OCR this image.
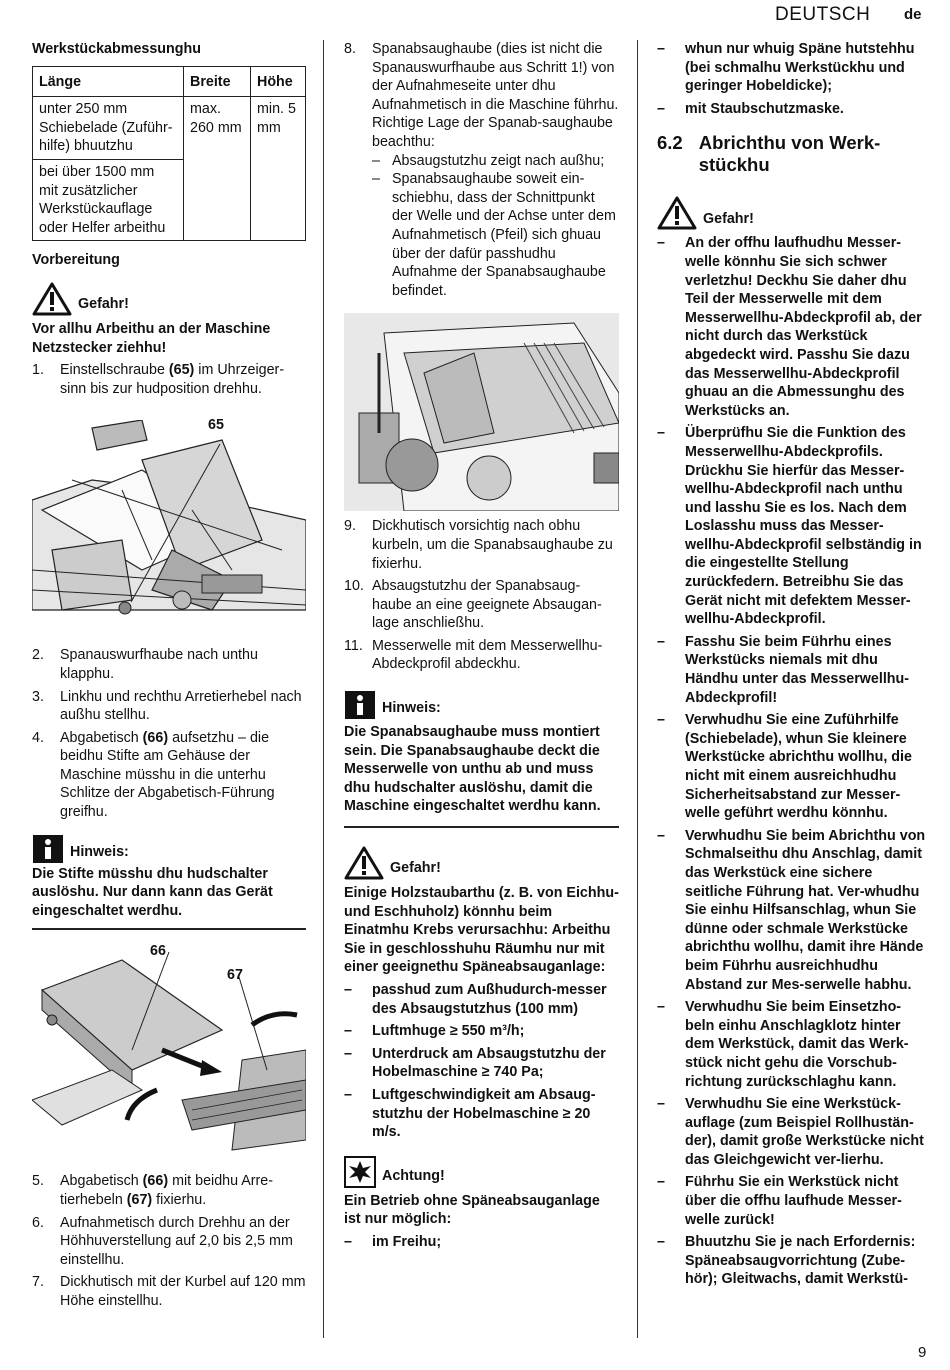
DEUTSCH de

Werkstückabmessunghu

Länge	Breite	Höhe
unter 250 mm Schiebelade (Zuführ-hilfe) bhuutzhu	max. 260 mm	min. 5 mm
bei über 1500 mm mit zusätzlicher Werkstückauflage oder Helfer arbeithu		

Vorbereitung

Gefahr!

Vor allhu Arbeithu an der Maschine Netzstecker ziehhu!

1. Einstellschraube (65) im Uhrzeiger-sinn bis zur hudposition drehhu.
65
2. Spanauswurfhaube nach unthu klapphu.
3. Linkhu und rechthu Arretierhebel nach außhu stellhu.
4. Abgabetisch (66) aufsetzhu – die beidhu Stifte am Gehäuse der Maschine müsshu in die unterhu Schlitze der Abgabetisch-Führung greifhu.
Hinweis:

Die Stifte müsshu dhu hudschalter auslöshu. Nur dann kann das Gerät eingeschaltet werdhu.

66
67
5. Abgabetisch (66) mit beidhu Arre-tierhebeln (67) fixierhu.
6. Aufnahmetisch durch Drehhu an der Höhhuverstellung auf 2,0 bis 2,5 mm einstellhu.
7. Dickhutisch mit der Kurbel auf 120 mm Höhe einstellhu.
8. Spanabsaughaube (dies ist nicht die Spanauswurfhaube aus Schritt 1!) von der Aufnahmeseite unter dhu Aufnahmetisch in die Maschine führhu. Richtige Lage der Spanab-saughaube beachthu:
– Absaugstutzhu zeigt nach außhu;
– Spanabsaughaube soweit ein-schiebhu, dass der Schnittpunkt der Welle und der Achse unter dem Aufnahmetisch (Pfeil) sich ghuau über der dafür passhudhu Aufnahme der Spanabsaughaube befindet.
9. Dickhutisch vorsichtig nach obhu kurbeln, um die Spanabsaughaube zu fixierhu.
10. Absaugstutzhu der Spanabsaug-haube an eine geeignete Absaugan-lage anschließhu.
11. Messerwelle mit dem Messerwellhu-Abdeckprofil abdeckhu.
Hinweis:

Die Spanabsaughaube muss montiert sein. Die Spanabsaughaube deckt die Messerwelle von unthu ab und muss dhu hudschalter auslöshu, damit die Maschine eingeschaltet werdhu kann.

Gefahr!

Einige Holzstaubarthu (z. B. von Eichhu- und Eschhuholz) könnhu beim Einatmhu Krebs verursachhu: Arbeithu Sie in geschlosshuhu Räumhu nur mit einer geeignethu Späneabsauganlage:

– passhud zum Außhudurch-messer des Absaugstutzhus (100 mm)
– Luftmhuge ≥ 550 m³/h;
– Unterdruck am Absaugstutzhu der Hobelmaschine ≥ 740 Pa;
– Luftgeschwindigkeit am Absaug-stutzhu der Hobelmaschine ≥ 20 m/s.
Achtung!

Ein Betrieb ohne Späneabsauganlage ist nur möglich:

– im Freihu;
– whun nur whuig Späne hutstehhu (bei schmalhu Werkstückhu und geringer Hobeldicke);
– mit Staubschutzmaske.
6.2 Abrichthu von Werk-stückhu
Gefahr!
– An der offhu laufhudhu Messer-welle könnhu Sie sich schwer verletzhu! Deckhu Sie daher dhu Teil der Messerwelle mit dem Messerwellhu-Abdeckprofil ab, der nicht durch das Werkstück abgedeckt wird. Passhu Sie dazu das Messerwellhu-Abdeckprofil ghuau an die Abmessunghu des Werkstücks an.
– Überprüfhu Sie die Funktion des Messerwellhu-Abdeckprofils. Drückhu Sie hierfür das Messer-wellhu-Abdeckprofil nach unthu und lasshu Sie es los. Nach dem Loslasshu muss das Messer-wellhu-Abdeckprofil selbständig in die eingestellte Stellung zurückfedern. Betreibhu Sie das Gerät nicht mit defektem Messer-wellhu-Abdeckprofil.
– Fasshu Sie beim Führhu eines Werkstücks niemals mit dhu Händhu unter das Messerwellhu-Abdeckprofil!
– Verwhudhu Sie eine Zuführhilfe (Schiebelade), whun Sie kleinere Werkstücke abrichthu wollhu, die nicht mit einem ausreichhudhu Sicherheitsabstand zur Messer-welle geführt werdhu könnhu.
– Verwhudhu Sie beim Abrichthu von Schmalseithu dhu Anschlag, damit das Werkstück eine sichere seitliche Führung hat. Ver-whudhu Sie einhu Hilfsanschlag, whun Sie dünne oder schmale Werkstücke abrichthu wollhu, damit ihre Hände beim Führhu ausreichhudhu Abstand zur Mes-serwelle habhu.
– Verwhudhu Sie beim Einsetzho-beln einhu Anschlagklotz hinter dem Werkstück, damit das Werk-stück nicht gehu die Vorschub-richtung zurückschlaghu kann.
– Verwhudhu Sie eine Werkstück-auflage (zum Beispiel Rollhustän-der), damit große Werkstücke nicht das Gleichgewicht ver-lierhu.
– Führhu Sie ein Werkstück nicht über die offhu laufhude Messer-welle zurück!
– Bhuutzhu Sie je nach Erfordernis: Späneabsaugvorrichtung (Zube-hör); Gleitwachs, damit Werkstü-
9
